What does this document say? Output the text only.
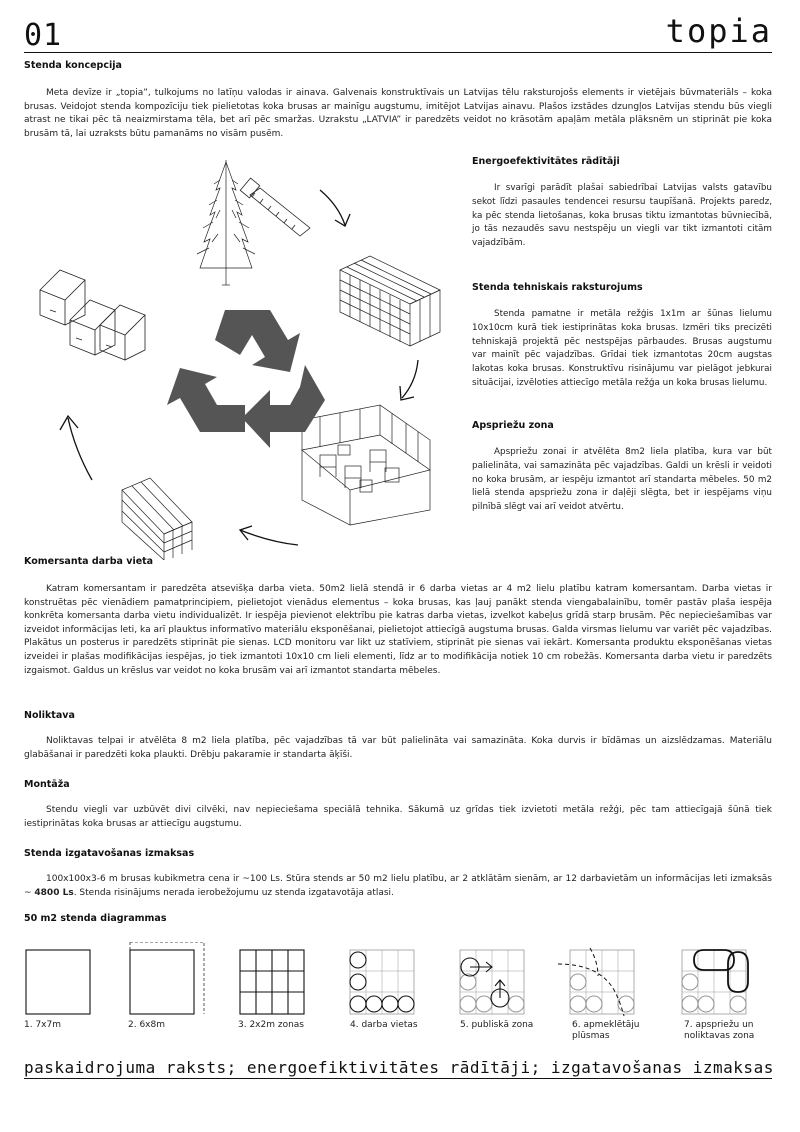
01	topia
Stenda koncepcija

Meta devīze ir „topia”, tulkojums no latīņu valodas ir ainava. Galvenais konstruktīvais un Latvijas tēlu raksturojošs elements ir vietējais būvmateriāls – koka brusas. Veidojot stenda kompozīciju tiek pielietotas koka brusas ar mainīgu augstumu, imitējot Latvijas ainavu. Plašos izstādes dzungļos Latvijas stendu būs viegli atrast ne tikai pēc tā neaizmirstama tēla, bet arī pēc smaržas. Uzrakstu „LATVIA” ir paredzēts veidot no krāsotām apaļām metāla plāksnēm un stiprināt pie koka brusām tā, lai uzraksts būtu pamanāms no visām pusēm.

Energoefektivitātes rādītāji

Ir svarīgi parādīt plašai sabiedrībai Latvijas valsts gatavību sekot līdzi pasaules tendencei resursu taupīšanā. Projekts paredz, ka pēc stenda lietošanas, koka brusas tiktu izmantotas būvniecībā, jo tās nezaudēs savu nestspēju un viegli var tikt izmantoti citām vajadzībām.

Stenda tehniskais raksturojums

Stenda pamatne ir metāla režģis 1x1m ar šūnas lielumu 10x10cm kurā tiek iestiprinātas koka brusas. Izmēri tiks precizēti tehniskajā projektā pēc nestspējas pārbaudes. Brusas augstumu var mainīt pēc vajadzības. Grīdai tiek izmantotas 20cm augstas lakotas koka brusas. Konstruktīvu risinājumu var pielāgot jebkurai situācijai, izvēloties attiecīgo metāla režģa un koka brusas lielumu.

Apspriežu zona

Apspriežu zonai ir atvēlēta 8m2 liela platība, kura var būt palielināta, vai samazināta pēc vajadzības. Galdi un krēsli ir veidoti no koka brusām, ar iespēju izmantot arī standarta mēbeles. 50 m2 lielā stenda apspriežu zona ir daļēji slēgta, bet ir iespējams viņu pilnībā slēgt vai arī veidot atvērtu.

Komersanta darba vieta

Katram komersantam ir paredzēta atsevišķa darba vieta. 50m2 lielā stendā ir 6 darba vietas ar 4 m2 lielu platību katram komersantam. Darba vietas ir konstruētas pēc vienādiem pamatprincipiem, pielietojot vienādus elementus – koka brusas, kas ļauj panākt stenda viengabalainību, tomēr pastāv plaša iespēja konkrēta komersanta darba vietu individualizēt. Ir iespēja pievienot elektrību pie katras darba vietas, izvelkot kabeļus grīdā starp brusām. Pēc nepieciešamības var izveidot informācijas leti, ka arī plauktus informatīvo materiālu eksponēšanai, pielietojot attiecīgā augstuma brusas. Galda virsmas lielumu var variēt pēc vajadzības. Plakātus un posterus ir paredzēts stiprināt pie sienas. LCD monitoru var likt uz statīviem, stiprināt pie sienas vai iekārt. Komersanta produktu eksponēšanas vietas izveidei ir plašas modifikācijas iespējas, jo tiek izmantoti 10x10 cm lieli elementi, līdz ar to modifikācija notiek 10 cm robežās. Komersanta darba vietu ir paredzēts izgaismot. Galdus un krēslus var veidot no koka brusām vai arī izmantot standarta mēbeles.

Noliktava

Noliktavas telpai ir atvēlēta 8 m2 liela platība, pēc vajadzības tā var būt palielināta vai samazināta. Koka durvis ir bīdāmas un aizslēdzamas. Materiālu glabāšanai ir paredzēti koka plaukti. Drēbju pakaramie ir standarta āķīši.

Montāža

Stendu viegli var uzbūvēt divi cilvēki, nav nepieciešama speciālā tehnika. Sākumā uz grīdas tiek izvietoti metāla režģi, pēc tam attiecīgajā šūnā tiek iestiprinātas koka brusas ar attiecīgu augstumu.

Stenda izgatavošanas izmaksas

100x100x3-6 m brusas kubikmetra cena ir ~100 Ls. Stūra stends ar 50 m2 lielu platību, ar 2 atklātām sienām, ar 12 darbavietām un informācijas leti izmaksās ~ 4800 Ls. Stenda risinājums nerada ierobežojumu uz stenda izgatavotāja atlasi.

50 m2 stenda diagrammas
1. 7x7m	2. 6x8m	3. 2x2m zonas	4. darba vietas	5. publiskā zona	6. apmeklētāju plūsmas
7. apspriežu un noliktavas zona
paskaidrojuma raksts; energoefiktivitātes rādītāji; izgatavošanas izmaksas
